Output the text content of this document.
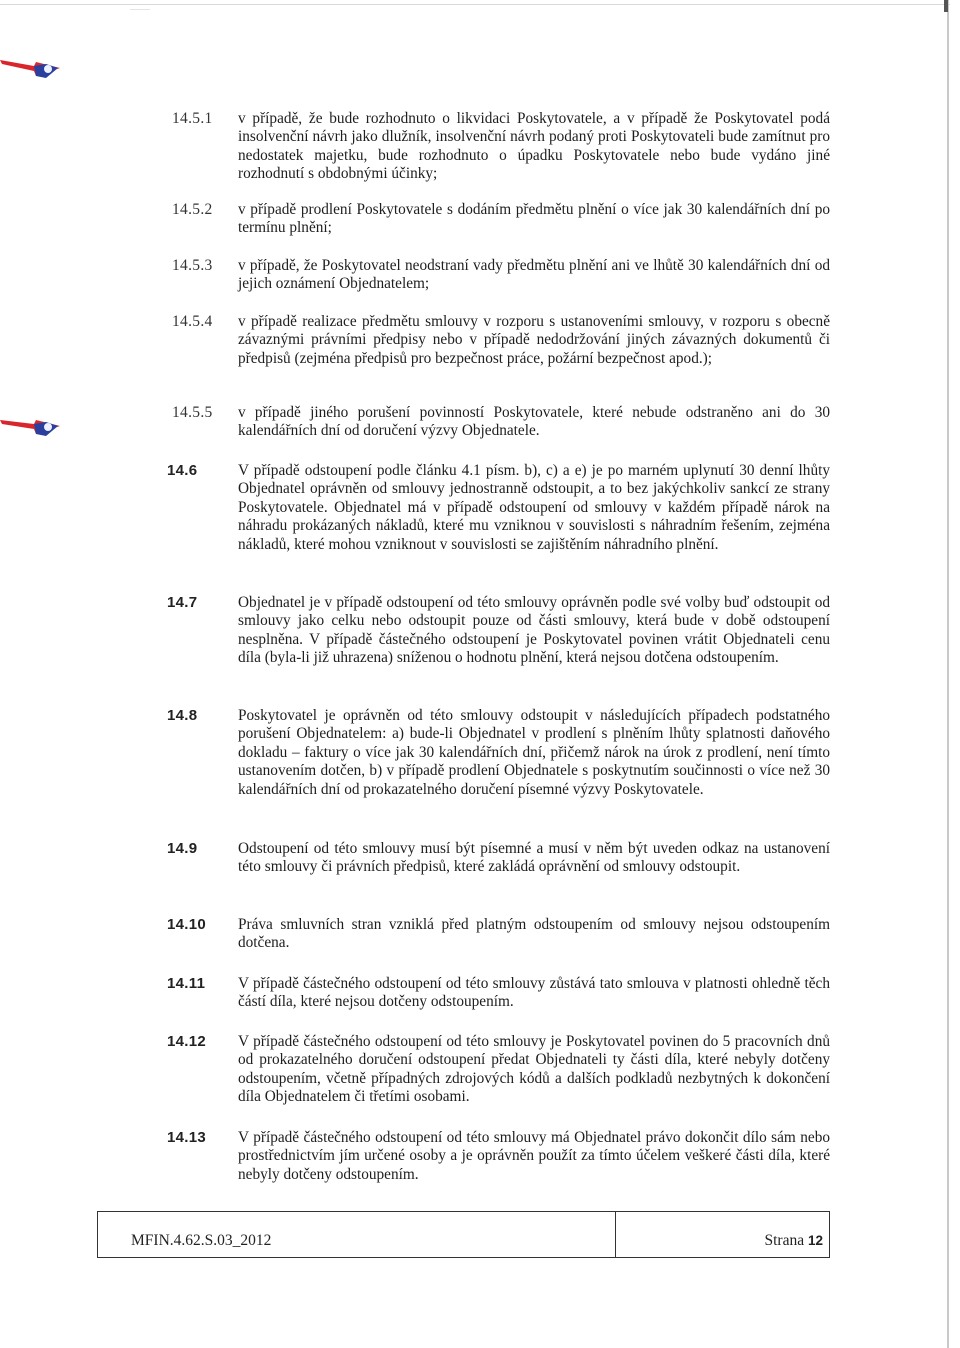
14.5.1 v případě, že bude rozhodnuto o likvidaci Poskytovatele, a v případě že Poskytovatel podá insolvenční návrh jako dlužník, insolvenční návrh podaný proti Poskytovateli bude zamítnut pro nedostatek majetku, bude rozhodnuto o úpadku Poskytovatele nebo bude vydáno jiné rozhodnutí s obdobnými účinky;
14.5.2 v případě prodlení Poskytovatele s dodáním předmětu plnění o více jak 30 kalendářních dní po termínu plnění;
14.5.3 v případě, že Poskytovatel neodstraní vady předmětu plnění ani ve lhůtě 30 kalendářních dní od jejich oznámení Objednatelem;
14.5.4 v případě realizace předmětu smlouvy v rozporu s ustanoveními smlouvy, v rozporu s obecně závaznými právními předpisy nebo v případě nedodržování jiných závazných dokumentů či předpisů (zejména předpisů pro bezpečnost práce, požární bezpečnost apod.);
14.5.5 v případě jiného porušení povinností Poskytovatele, které nebude odstraněno ani do 30 kalendářních dní od doručení výzvy Objednatele.
14.6	V případě odstoupení podle článku 4.1 písm. b), c) a e) je po marném uplynutí 30 denní lhůty Objednatel oprávněn od smlouvy jednostranně odstoupit, a to bez jakýchkoliv sankcí ze strany Poskytovatele. Objednatel má v případě odstoupení od smlouvy v každém případě nárok na náhradu prokázaných nákladů, které mu vzniknou v souvislosti s náhradním řešením, zejména nákladů, které mohou vzniknout v souvislosti se zajištěním náhradního plnění.
14.7	Objednatel je v případě odstoupení od této smlouvy oprávněn podle své volby buď odstoupit od smlouvy jako celku nebo odstoupit pouze od části smlouvy, která bude v době odstoupení nesplněna. V případě částečného odstoupení je Poskytovatel povinen vrátit Objednateli cenu díla (byla-li již uhrazena) sníženou o hodnotu plnění, která nejsou dotčena odstoupením.
14.8	Poskytovatel je oprávněn od této smlouvy odstoupit v následujících případech podstatného porušení Objednatelem: a) bude-li Objednatel v prodlení s plněním lhůty splatnosti daňového dokladu – faktury o více jak 30 kalendářních dní, přičemž nárok na úrok z prodlení, není tímto ustanovením dotčen, b) v případě prodlení Objednatele s poskytnutím součinnosti o více než 30 kalendářních dní od prokazatelného doručení písemné výzvy Poskytovatele.
14.9	Odstoupení od této smlouvy musí být písemné a musí v něm být uveden odkaz na ustanovení této smlouvy či právních předpisů, které zakládá oprávnění od smlouvy odstoupit.
14.10 Práva smluvních stran vzniklá před platným odstoupením od smlouvy nejsou odstoupením dotčena.
14.11 V případě částečného odstoupení od této smlouvy zůstává tato smlouva v platnosti ohledně těch částí díla, které nejsou dotčeny odstoupením.
14.12 V případě částečného odstoupení od této smlouvy je Poskytovatel povinen do 5 pracovních dnů od prokazatelného doručení odstoupení předat Objednateli ty části díla, které nebyly dotčeny odstoupením, včetně případných zdrojových kódů a dalších podkladů nezbytných k dokončení díla Objednatelem či třetími osobami.
14.13 V případě částečného odstoupení od této smlouvy má Objednatel právo dokončit dílo sám nebo prostřednictvím jím určené osoby a je oprávněn použít za tímto účelem veškeré části díla, které nebyly dotčeny odstoupením.
MFIN.4.62.S.03_2012	Strana 12
